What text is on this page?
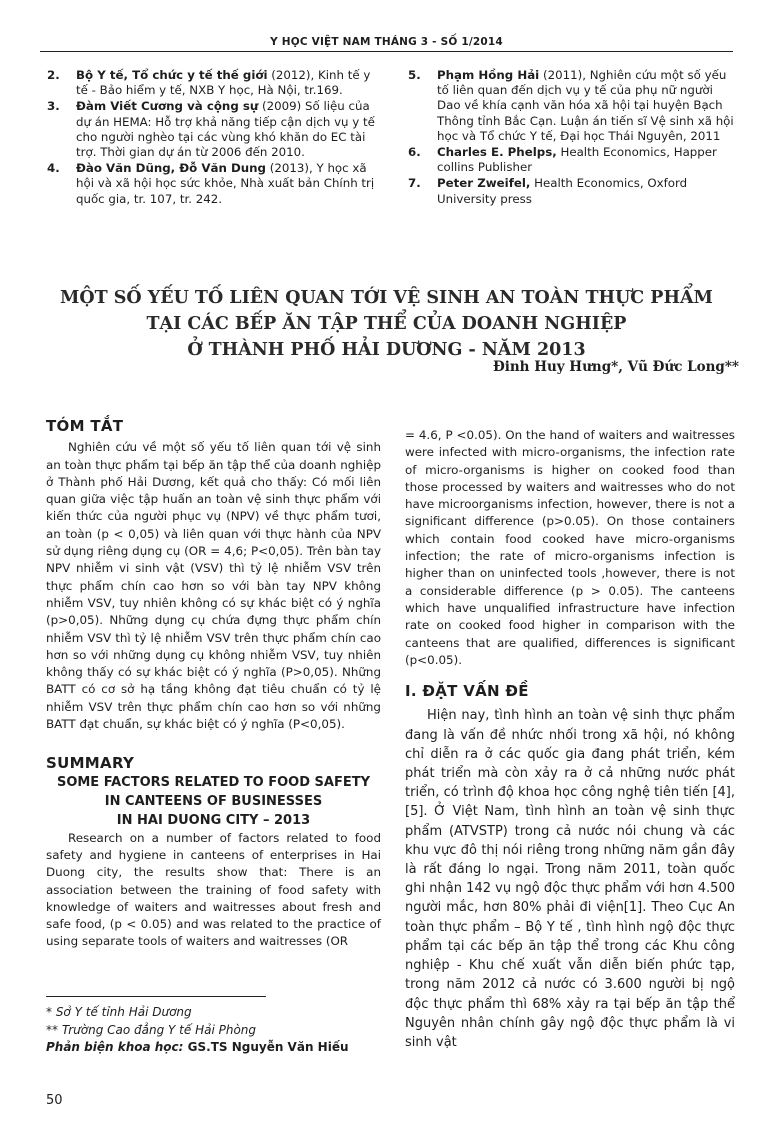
Y HỌC VIỆT NAM THÁNG 3 - SỐ 1/2014
2.	Bộ Y tế, Tổ chức y tế thế giới (2012), Kinh tế y tế - Bảo hiểm y tế, NXB Y học, Hà Nội, tr.169.
3.	Đàm Viết Cương và cộng sự (2009) Số liệu của dự án HEMA: Hỗ trợ khả năng tiếp cận dịch vụ y tế cho người nghèo tại các vùng khó khăn do EC tài trợ. Thời gian dự án từ 2006 đến 2010.
4.	Đào Văn Dũng, Đỗ Văn Dung (2013), Y học xã hội và xã hội học sức khỏe, Nhà xuất bản Chính trị quốc gia, tr. 107, tr. 242.
5.	Phạm Hồng Hải (2011), Nghiên cứu một số yếu tố liên quan đến dịch vụ y tế của phụ nữ người Dao về khía cạnh văn hóa xã hội tại huyện Bạch Thông tỉnh Bắc Cạn. Luận án tiến sĩ Vệ sinh xã hội học và Tổ chức Y tế, Đại học Thái Nguyên, 2011
6.	Charles E. Phelps, Health Economics, Happer collins Publisher
7.	Peter Zweifel, Health Economics, Oxford University press
MỘT SỐ YẾU TỐ LIÊN QUAN TỚI VỆ SINH AN TOÀN THỰC PHẨM
TẠI CÁC BẾP ĂN TẬP THỂ CỦA DOANH NGHIỆP
Ở THÀNH PHỐ HẢI DƯƠNG - NĂM 2013
Đinh Huy Hưng*, Vũ Đức Long**
TÓM TẮT

Nghiên cứu về một số yếu tố liên quan tới vệ sinh an toàn thực phẩm tại bếp ăn tập thể của doanh nghiệp ở Thành phố Hải Dương, kết quả cho thấy: Có mối liên quan giữa việc tập huấn an toàn vệ sinh thực phẩm với kiến thức của người phục vụ (NPV) về thực phẩm tươi, an toàn (p < 0,05) và liên quan với thực hành của NPV sử dụng riêng dụng cụ (OR = 4,6; P<0,05). Trên bàn tay NPV nhiễm vi sinh vật (VSV) thì tỷ lệ nhiễm VSV trên thực phẩm chín cao hơn so với bàn tay NPV không nhiễm VSV, tuy nhiên không có sự khác biệt có ý nghĩa (p>0,05). Những dụng cụ chứa đựng thực phẩm chín nhiễm VSV thì tỷ lệ nhiễm VSV trên thực phẩm chín cao hơn so với những dụng cụ không nhiễm VSV, tuy nhiên không thấy có sự khác biệt có ý nghĩa (P>0,05). Những BATT có cơ sở hạ tầng không đạt tiêu chuẩn có tỷ lệ nhiễm VSV trên thực phẩm chín cao hơn so với những BATT đạt chuẩn, sự khác biệt có ý nghĩa (P<0,05).

SUMMARY

SOME FACTORS RELATED TO FOOD SAFETY

IN CANTEENS OF BUSINESSES

IN HAI DUONG CITY – 2013

Research on a number of factors related to food safety and hygiene in canteens of enterprises in Hai Duong city, the results show that: There is an association between the training of food safety with knowledge of waiters and waitresses about fresh and safe food, (p < 0.05) and was related to the practice of using separate tools of waiters and waitresses (OR

= 4.6, P <0.05). On the hand of waiters and waitresses were infected with micro-organisms, the infection rate of micro-organisms is higher on cooked food than those processed by waiters and waitresses who do not have microorganisms infection, however, there is not a significant difference (p>0.05). On those containers which contain food cooked have micro-organisms infection; the rate of micro-organisms infection is higher than on uninfected tools ,however, there is not a considerable difference (p > 0.05). The canteens which have unqualified infrastructure have infection rate on cooked food higher in comparison with the canteens that are qualified, differences is significant (p<0.05).

I. ĐẶT VẤN ĐỀ

Hiện nay, tình hình an toàn vệ sinh thực phẩm đang là vấn đề nhức nhối trong xã hội, nó không chỉ diễn ra ở các quốc gia đang phát triển, kém phát triển mà còn xảy ra ở cả những nước phát triển, có trình độ khoa học công nghệ tiên tiến [4], [5]. Ở Việt Nam, tình hình an toàn vệ sinh thực phẩm (ATVSTP) trong cả nước nói chung và các khu vực đô thị nói riêng trong những năm gần đây là rất đáng lo ngại. Trong năm 2011, toàn quốc ghi nhận 142 vụ ngộ độc thực phẩm với hơn 4.500 người mắc, hơn 80% phải đi viện[1]. Theo Cục An toàn thực phẩm – Bộ Y tế , tình hình ngộ độc thực phẩm tại các bếp ăn tập thể trong các Khu công nghiệp - Khu chế xuất vẫn diễn biến phức tạp, trong năm 2012 cả nước có 3.600 người bị ngộ độc thực phẩm thì 68% xảy ra tại bếp ăn tập thể Nguyên nhân chính gây ngộ độc thực phẩm là vi sinh vật

* Sở Y tế tỉnh Hải Dương
** Trường Cao đẳng Y tế Hải Phòng
Phản biện khoa học: GS.TS Nguyễn Văn Hiếu
50
